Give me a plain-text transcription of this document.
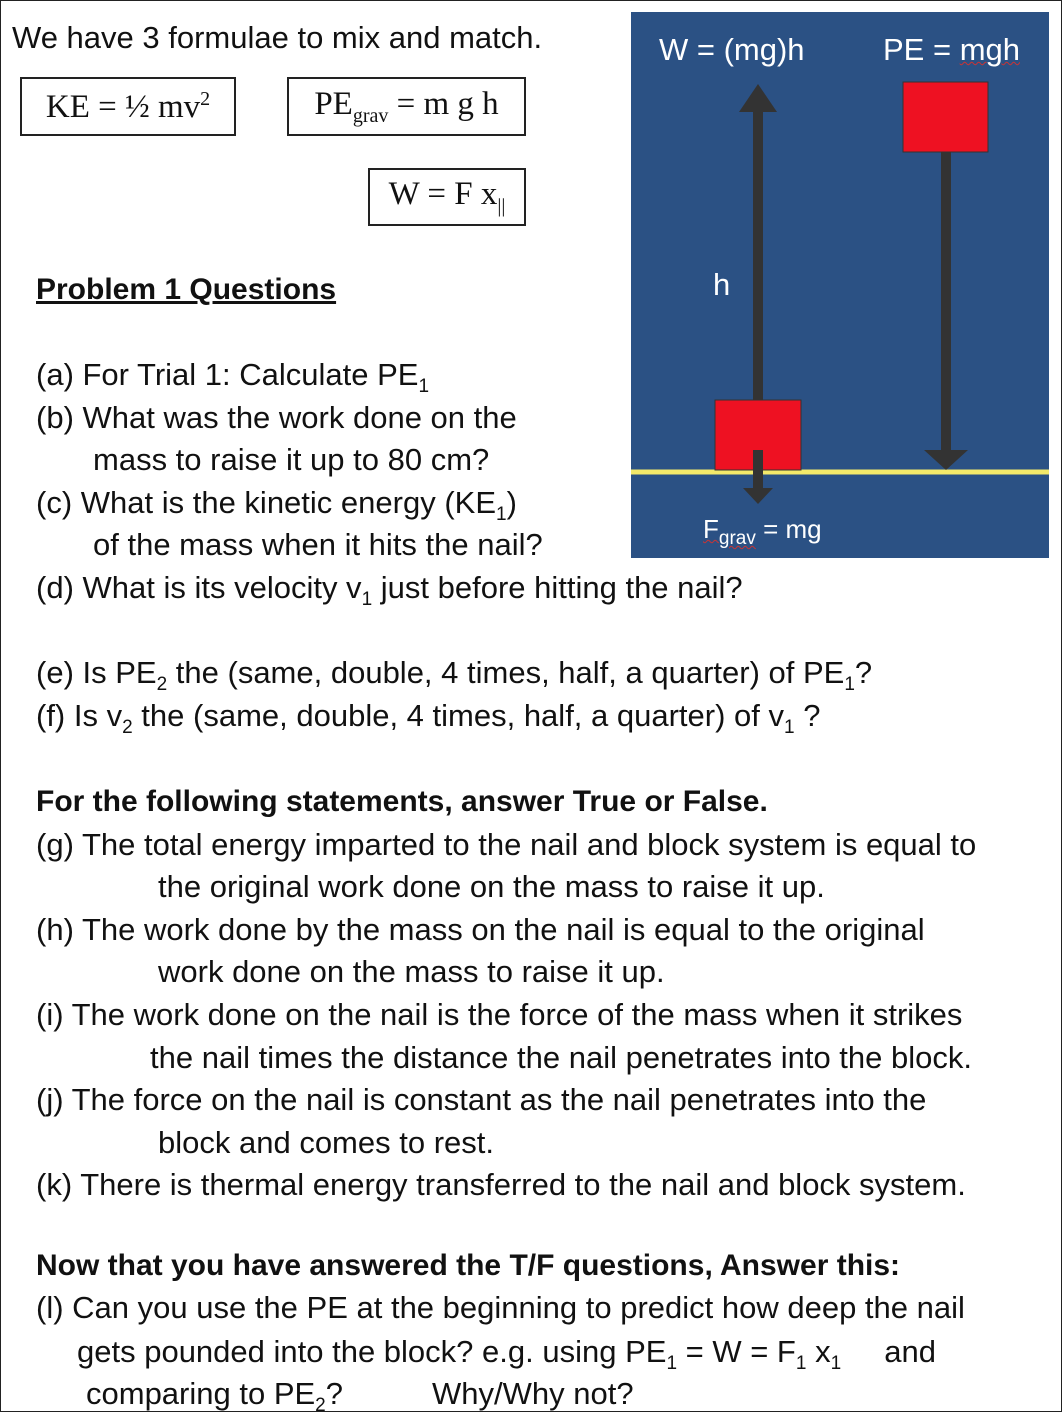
We have 3 formulae to mix and match.
KE = ½ $mv^2$	$PE_{grav} = m$ g h
W = F $x_{||}$
W = (mg)h	PE = mgh
h
$F_{grav}$ = mg
Problem 1 Questions
(a) For Trial 1: Calculate $PE_1$
(b) What was the work done on the
mass to raise it up to 80 cm?
(c) What is the kinetic energy $(KE_1)$
of the mass when it hits the nail?
(d) What is its velocity $v_1$ just before hitting the nail?
(e) Is $PE_2$ the (same, double, 4 times, half, a quarter) of $PE_1$?
(f) Is $v_2$ the (same, double, 4 times, half, a quarter) of $v_1$ ?
For the following statements, answer True or False.
(g) The total energy imparted to the nail and block system is equal to
the original work done on the mass to raise it up.
(h) The work done by the mass on the nail is equal to the original
work done on the mass to raise it up.
(i) The work done on the nail is the force of the mass when it strikes
the nail times the distance the nail penetrates into the block.
(j) The force on the nail is constant as the nail penetrates into the
block and comes to rest.
(k) There is thermal energy transferred to the nail and block system.
Now that you have answered the T/F questions, Answer this:
(l) Can you use the PE at the beginning to predict how deep the nail
gets pounded into the block? e.g. using $PE_1 = W = F_1$ $x_1$     and
comparing to $PE_2$?	Why/Why not?
